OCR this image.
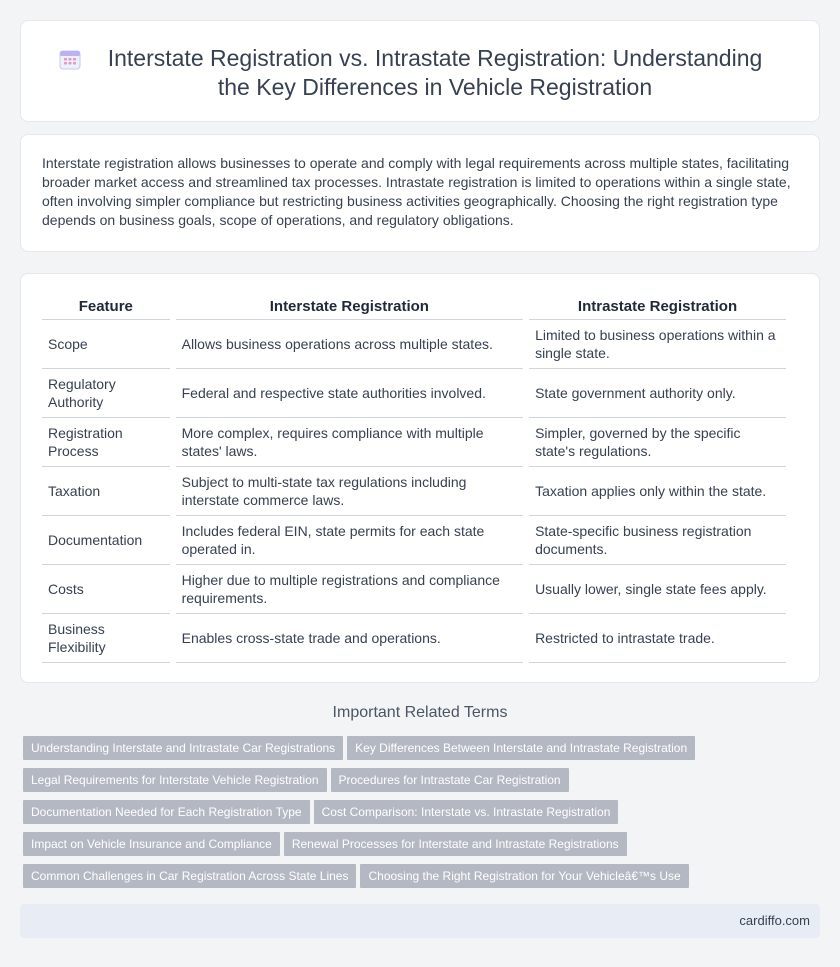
Interstate Registration vs. Intrastate Registration: Understanding the Key Differences in Vehicle Registration

Interstate registration allows businesses to operate and comply with legal requirements across multiple states, facilitating broader market access and streamlined tax processes. Intrastate registration is limited to operations within a single state, often involving simpler compliance but restricting business activities geographically. Choosing the right registration type depends on business goals, scope of operations, and regulatory obligations.

Feature	Interstate Registration	Intrastate Registration
Scope	Allows business operations across multiple states.	Limited to business operations within a single state.
Regulatory Authority	Federal and respective state authorities involved.	State government authority only.
Registration Process	More complex, requires compliance with multiple states' laws.	Simpler, governed by the specific state's regulations.
Taxation	Subject to multi-state tax regulations including interstate commerce laws.	Taxation applies only within the state.
Documentation	Includes federal EIN, state permits for each state operated in.	State-specific business registration documents.
Costs	Higher due to multiple registrations and compliance requirements.	Usually lower, single state fees apply.
Business Flexibility	Enables cross-state trade and operations.	Restricted to intrastate trade.
Important Related Terms
Understanding Interstate and Intrastate Car Registrations Key Differences Between Interstate and Intrastate Registration
Legal Requirements for Interstate Vehicle Registration Procedures for Intrastate Car Registration
Documentation Needed for Each Registration Type Cost Comparison: Interstate vs. Intrastate Registration
Impact on Vehicle Insurance and Compliance Renewal Processes for Interstate and Intrastate Registrations
Common Challenges in Car Registration Across State Lines Choosing the Right Registration for Your Vehicleâ€™s Use
cardiffo.com
